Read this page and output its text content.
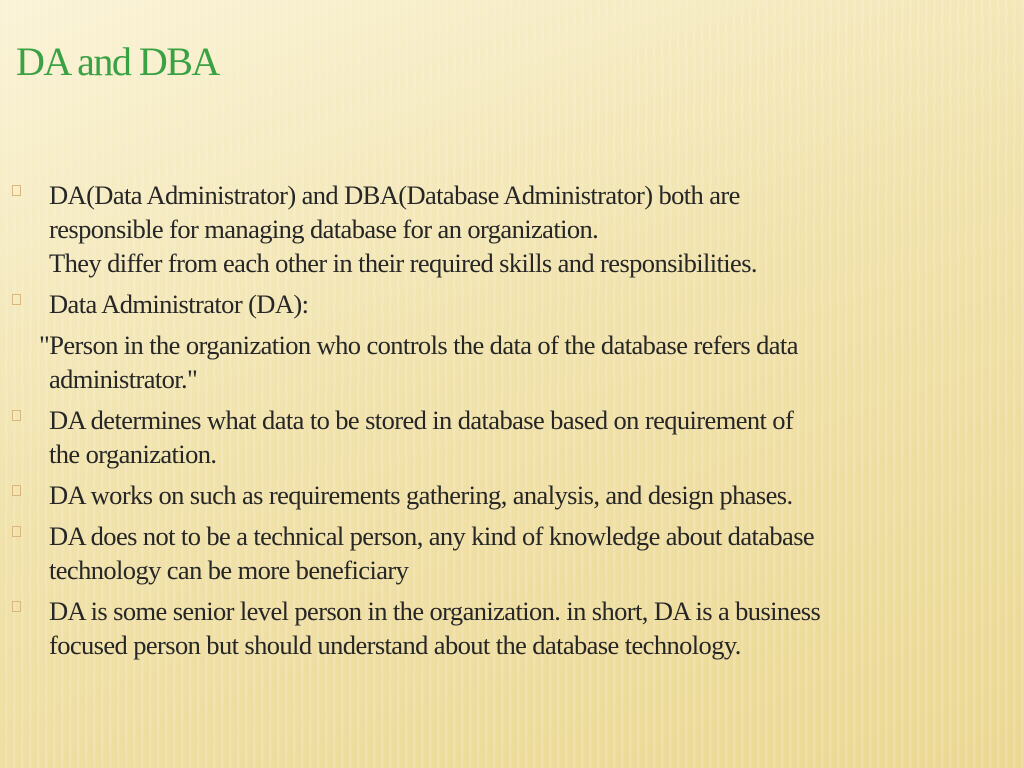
DA and DBA
DA(Data Administrator) and DBA(Database Administrator) both are
responsible for managing database for an organization.
They differ from each other in their required skills and responsibilities.
Data Administrator (DA):
"Person in the organization who controls the data of the database refers data
administrator."
DA determines what data to be stored in database based on requirement of
the organization.
DA works on such as requirements gathering, analysis, and design phases.
DA does not to be a technical person, any kind of knowledge about database
technology can be more beneficiary
DA is some senior level person in the organization. in short, DA is a business
focused person but should understand about the database technology.
